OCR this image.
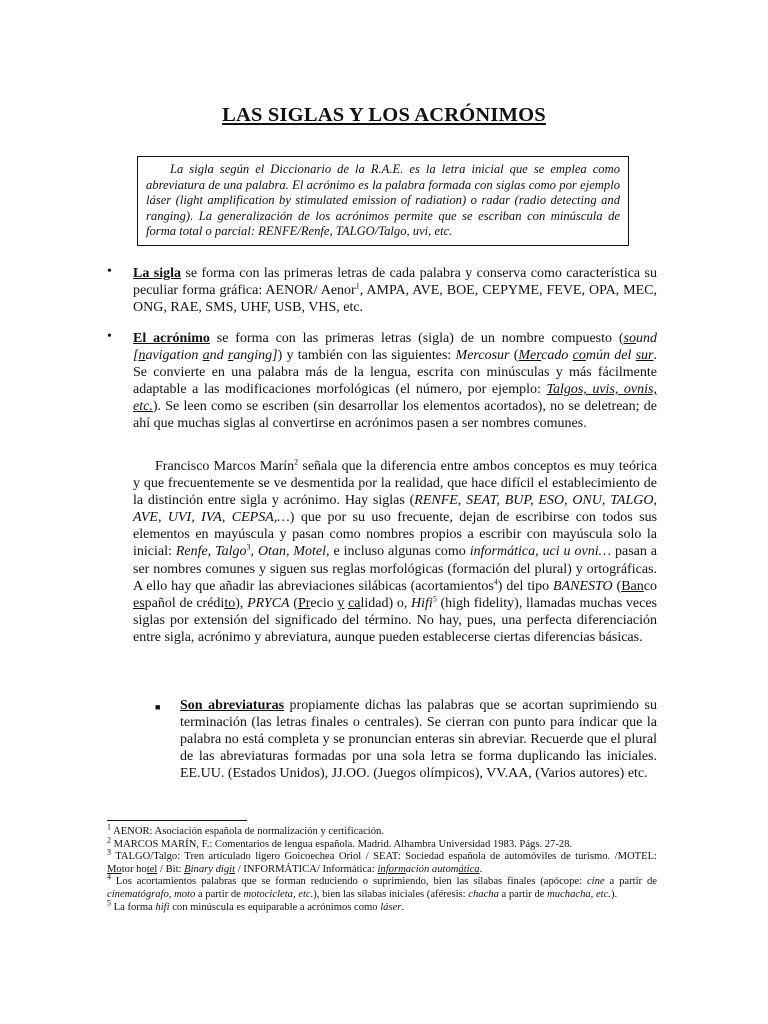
LAS SIGLAS Y LOS ACRÓNIMOS

La sigla según el Diccionario de la R.A.E. es la letra inicial que se emplea como abreviatura de una palabra. El acrónimo es la palabra formada con siglas como por ejemplo láser (light amplification by stimulated emission of radiation) o radar (radio detecting and ranging). La generalización de los acrónimos permite que se escriban con minúscula de forma total o parcial: RENFE/Renfe, TALGO/Talgo, uvi, etc.

• La sigla se forma con las primeras letras de cada palabra y conserva como característica su peculiar forma gráfica: AENOR/ Aenor$^1$, AMPA, AVE, BOE, CEPYME, FEVE, OPA, MEC, ONG, RAE, SMS, UHF, USB, VHS, etc.
• El acrónimo se forma con las primeras letras (sigla) de un nombre compuesto (sound [navigation and ranging]) y también con las siguientes: Mercosur (Mercado común del sur. Se convierte en una palabra más de la lengua, escrita con minúsculas y más fácilmente adaptable a las modificaciones morfológicas (el número, por ejemplo: Talgos, uvis, ovnis, etc.). Se leen como se escriben (sin desarrollar los elementos acortados), no se deletrean; de ahí que muchas siglas al convertirse en acrónimos pasen a ser nombres comunes.

Francisco Marcos Marín$^2$ señala que la diferencia entre ambos conceptos es muy teórica y que frecuentemente se ve desmentida por la realidad, que hace difícil el establecimiento de la distinción entre sigla y acrónimo. Hay siglas (RENFE, SEAT, BUP, ESO, ONU, TALGO, AVE, UVI, IVA, CEPSA,…) que por su uso frecuente, dejan de escribirse con todos sus elementos en mayúscula y pasan como nombres propios a escribir con mayúscula solo la inicial: Renfe, Talgo$^3$, Otan, Motel, e incluso algunas como informática, uci u ovni… pasan a ser nombres comunes y siguen sus reglas morfológicas (formación del plural) y ortográficas. A ello hay que añadir las abreviaciones silábicas (acortamientos$^4$) del tipo BANESTO (Banco español de crédito), PRYCA (Precio y calidad) o, Hifi$^5$ (high fidelity), llamadas muchas veces siglas por extensión del significado del término. No hay, pues, una perfecta diferenciación entre sigla, acrónimo y abreviatura, aunque pueden establecerse ciertas diferencias básicas.

■ Son abreviaturas propiamente dichas las palabras que se acortan suprimiendo su terminación (las letras finales o centrales). Se cierran con punto para indicar que la palabra no está completa y se pronuncian enteras sin abreviar. Recuerde que el plural de las abreviaturas formadas por una sola letra se forma duplicando las iniciales. EE.UU. (Estados Unidos), JJ.OO. (Juegos olímpicos), VV.AA, (Varios autores) etc.
$^1$ AENOR: Asociación española de normalización y certificación.
$^2$ MARCOS MARÍN, F.: Comentarios de lengua española. Madrid. Alhambra Universidad 1983. Págs. 27-28.
$^3$ TALGO/Talgo: Tren articulado ligero Goicoechea Oriol / SEAT: Sociedad española de automóviles de turismo. /MOTEL: Motor hotel / Bit: Binary digit / INFORMÁTICA/ Informática: información automática.
$^4$ Los acortamientos palabras que se forman reduciendo o suprimiendo, bien las sílabas finales (apócope: cine a partir de cinematógrafo, moto a partir de motocicleta, etc.), bien las sílabas iniciales (aféresis: chacha a partir de muchacha, etc.).
$^5$ La forma hifi con minúscula es equiparable a acrónimos como láser.
